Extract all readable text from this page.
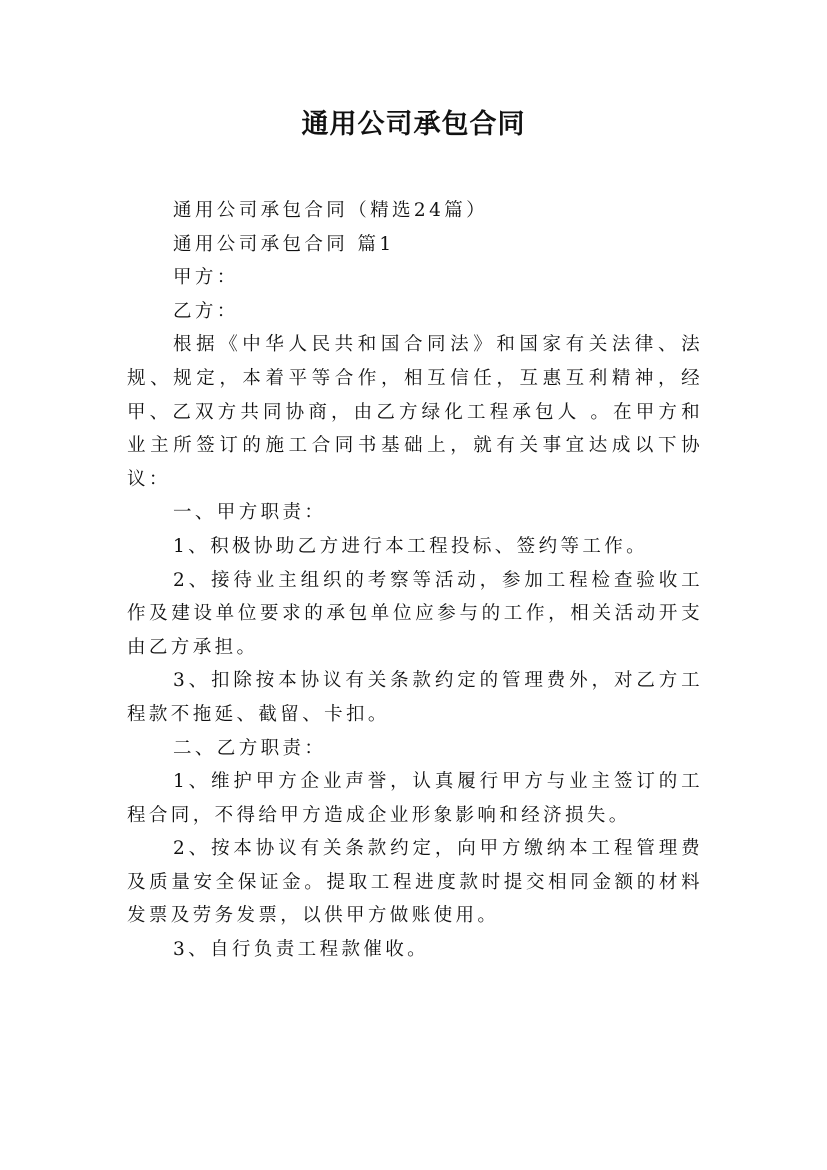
通用公司承包合同

通用公司承包合同（精选24篇）

通用公司承包合同 篇1

甲方：

乙方：

根据《中华人民共和国合同法》和国家有关法律、法规、规定，本着平等合作，相互信任，互惠互利精神，经甲、乙双方共同协商，由乙方绿化工程承包人 。在甲方和业主所签订的施工合同书基础上，就有关事宜达成以下协议：

一、甲方职责：

1、积极协助乙方进行本工程投标、签约等工作。

2、接待业主组织的考察等活动，参加工程检查验收工作及建设单位要求的承包单位应参与的工作，相关活动开支由乙方承担。

3、扣除按本协议有关条款约定的管理费外，对乙方工程款不拖延、截留、卡扣。

二、乙方职责：

1、维护甲方企业声誉，认真履行甲方与业主签订的工程合同，不得给甲方造成企业形象影响和经济损失。

2、按本协议有关条款约定，向甲方缴纳本工程管理费及质量安全保证金。提取工程进度款时提交相同金额的材料发票及劳务发票，以供甲方做账使用。

3、自行负责工程款催收。
